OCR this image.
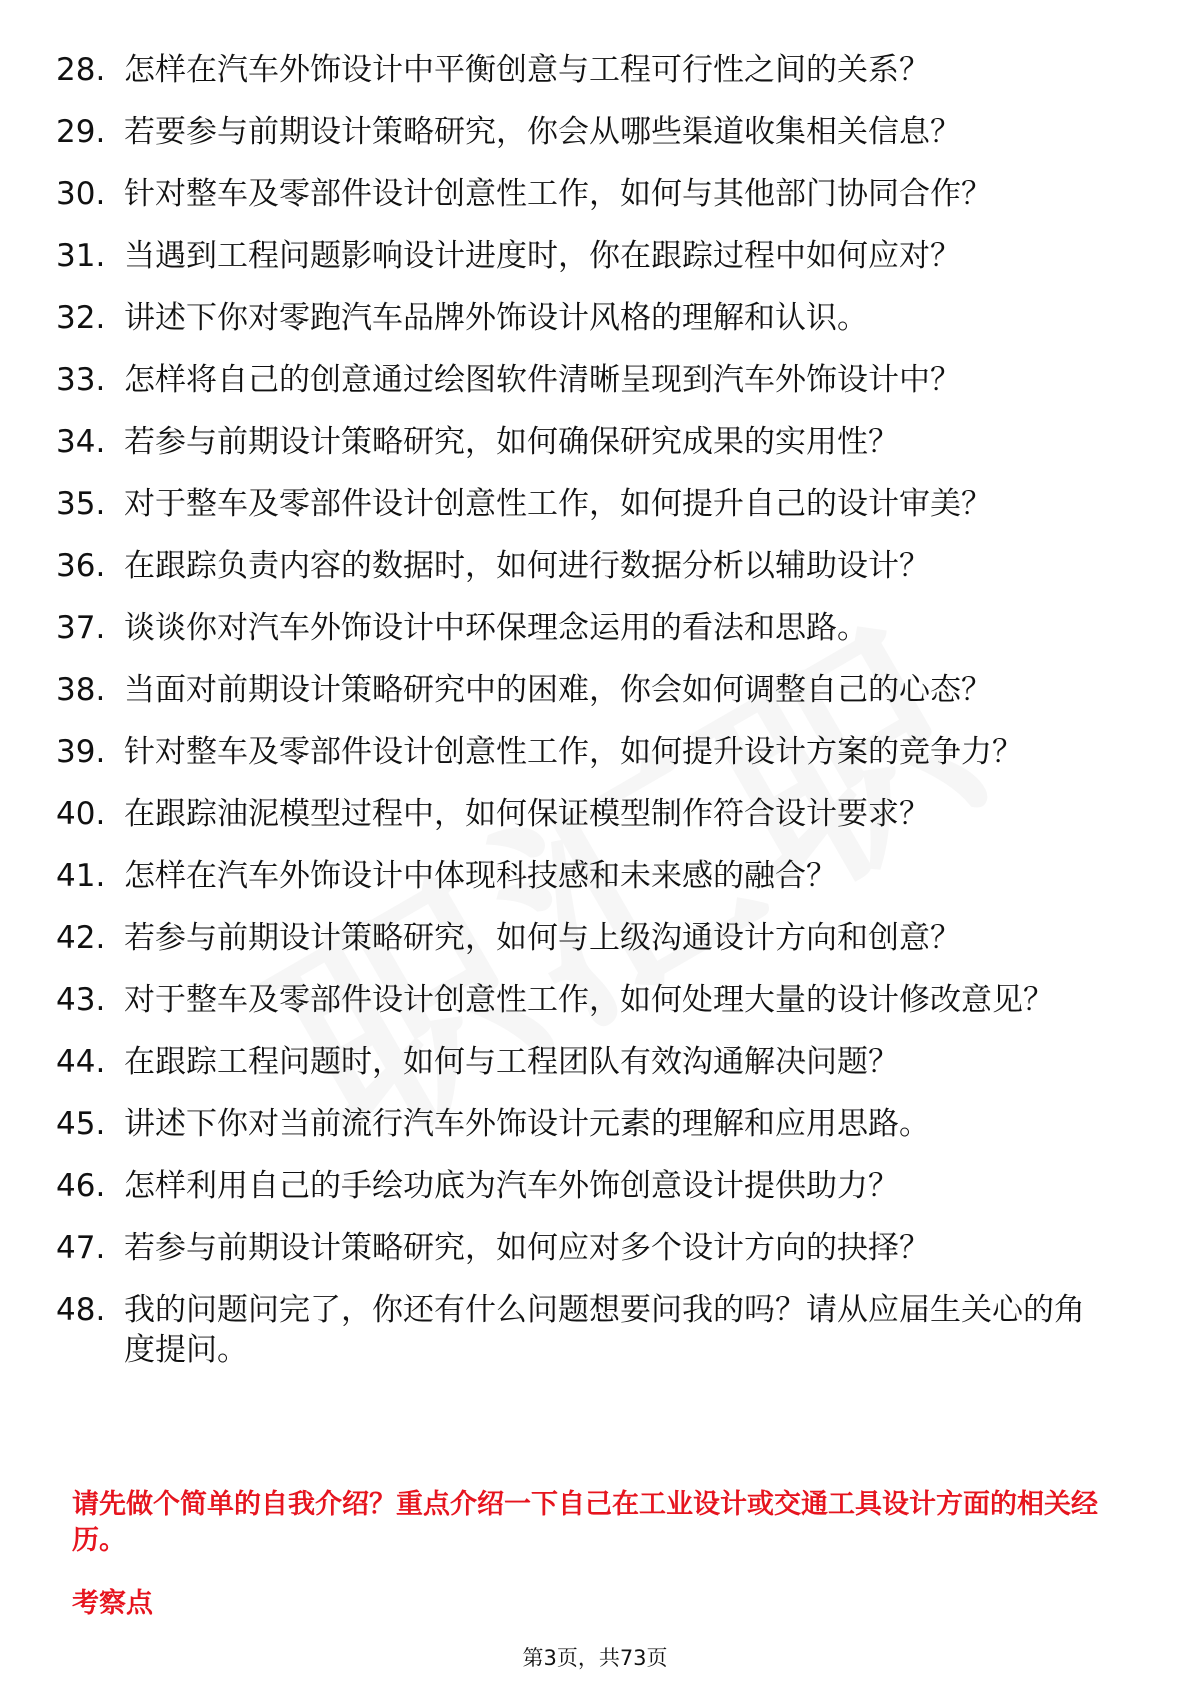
28. 怎样在汽车外饰设计中平衡创意与工程可行性之间的关系？
29. 若要参与前期设计策略研究，你会从哪些渠道收集相关信息？
30. 针对整车及零部件设计创意性工作，如何与其他部门协同合作？
31. 当遇到工程问题影响设计进度时，你在跟踪过程中如何应对？
32. 讲述下你对零跑汽车品牌外饰设计风格的理解和认识。
33. 怎样将自己的创意通过绘图软件清晰呈现到汽车外饰设计中？
34. 若参与前期设计策略研究，如何确保研究成果的实用性？
35. 对于整车及零部件设计创意性工作，如何提升自己的设计审美？
36. 在跟踪负责内容的数据时，如何进行数据分析以辅助设计？
37. 谈谈你对汽车外饰设计中环保理念运用的看法和思路。
38. 当面对前期设计策略研究中的困难，你会如何调整自己的心态？
39. 针对整车及零部件设计创意性工作，如何提升设计方案的竞争力？
40. 在跟踪油泥模型过程中，如何保证模型制作符合设计要求？
41. 怎样在汽车外饰设计中体现科技感和未来感的融合？
42. 若参与前期设计策略研究，如何与上级沟通设计方向和创意？
43. 对于整车及零部件设计创意性工作，如何处理大量的设计修改意见？
44. 在跟踪工程问题时，如何与工程团队有效沟通解决问题？
45. 讲述下你对当前流行汽车外饰设计元素的理解和应用思路。
46. 怎样利用自己的手绘功底为汽车外饰创意设计提供助力？
47. 若参与前期设计策略研究，如何应对多个设计方向的抉择？
48. 我的问题问完了，你还有什么问题想要问我的吗？请从应届生关心的角度提问。
请先做个简单的自我介绍？重点介绍一下自己在工业设计或交通工具设计方面的相关经历。
考察点
第3页，共73页
